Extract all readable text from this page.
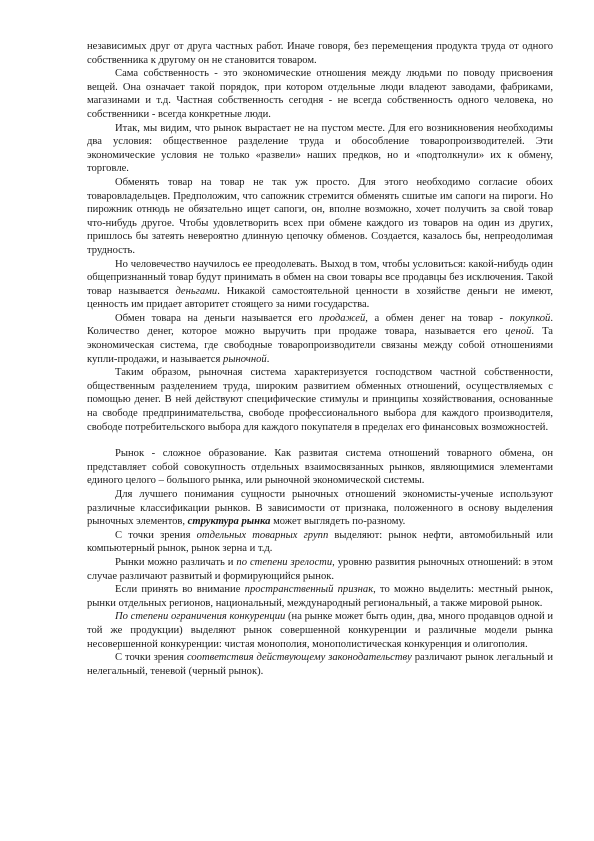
независимых друг от друга частных работ. Иначе говоря, без перемещения продукта труда от одного собственника к другому он не становится товаром.

Сама собственность - это экономические отношения между людьми по поводу присвоения вещей. Она означает такой порядок, при котором отдельные люди владеют заводами, фабриками, магазинами и т.д. Частная собственность сегодня - не всегда собственность одного человека, но собственники - всегда конкретные люди.

Итак, мы видим, что рынок вырастает не на пустом месте. Для его возникновения необходимы два условия: общественное разделение труда и обособление товаропроизводителей. Эти экономические условия не только «развели» наших предков, но и «подтолкнули» их к обмену, торговле.

Обменять товар на товар не так уж просто. Для этого необходимо согласие обоих товаровладельцев. Предположим, что сапожник стремится обменять сшитые им сапоги на пироги. Но пирожник отнюдь не обязательно ищет сапоги, он, вполне возможно, хочет получить за свой товар что-нибудь другое. Чтобы удовлетворить всех при обмене каждого из товаров на один из других, пришлось бы затеять невероятно длинную цепочку обменов. Создается, казалось бы, непреодолимая трудность.

Но человечество научилось ее преодолевать. Выход в том, чтобы условиться: какой-нибудь один общепризнанный товар будут принимать в обмен на свои товары все продавцы без исключения. Такой товар называется деньгами. Никакой самостоятельной ценности в хозяйстве деньги не имеют, ценность им придает авторитет стоящего за ними государства.

Обмен товара на деньги называется его продажей, а обмен денег на товар - покупкой. Количество денег, которое можно выручить при продаже товара, называется его ценой. Та экономическая система, где свободные товаропроизводители связаны между собой отношениями купли-продажи, и называется рыночной.

Таким образом, рыночная система характеризуется господством частной собственности, общественным разделением труда, широким развитием обменных отношений, осуществляемых с помощью денег. В ней действуют специфические стимулы и принципы хозяйствования, основанные на свободе предпринимательства, свободе профессионального выбора для каждого производителя, свободе потребительского выбора для каждого покупателя в пределах его финансовых возможностей.

Рынок - сложное образование. Как развитая система отношений товарного обмена, он представляет собой совокупность отдельных взаимосвязанных рынков, являющимися элементами единого целого – большого рынка, или рыночной экономической системы.

Для лучшего понимания сущности рыночных отношений экономисты-ученые используют различные классификации рынков. В зависимости от признака, положенного в основу выделения рыночных элементов, структура рынка может выглядеть по-разному.

С точки зрения отдельных товарных групп выделяют: рынок нефти, автомобильный или компьютерный рынок, рынок зерна и т.д.

Рынки можно различать и по степени зрелости, уровню развития рыночных отношений: в этом случае различают развитый и формирующийся рынок.

Если принять во внимание пространственный признак, то можно выделить: местный рынок, рынки отдельных регионов, национальный, международный региональный, а также мировой рынок.

По степени ограничения конкуренции (на рынке может быть один, два, много продавцов одной и той же продукции) выделяют рынок совершенной конкуренции и различные модели рынка несовершенной конкуренции: чистая монополия, монополистическая конкуренция и олигополия.

С точки зрения соответствия действующему законодательству различают рынок легальный и нелегальный, теневой (черный рынок).
